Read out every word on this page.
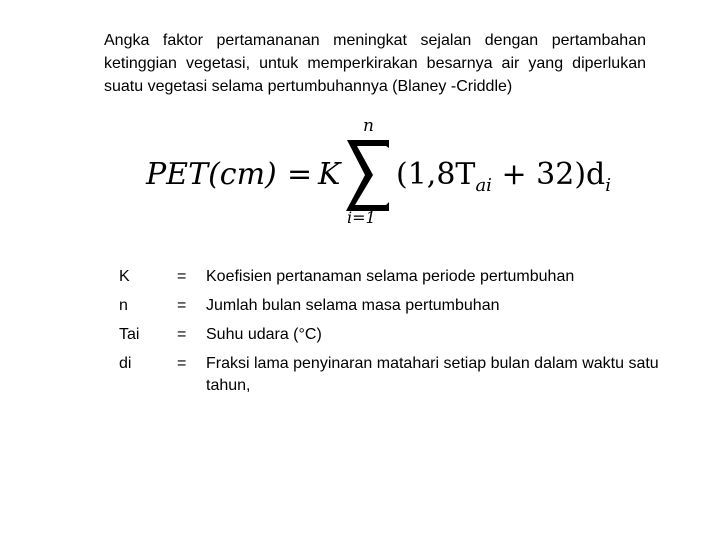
Angka faktor pertamananan meningkat sejalan dengan pertambahan ketinggian vegetasi, untuk memperkirakan besarnya air yang diperlukan suatu vegetasi selama pertumbuhannya (Blaney -Criddle)

PET(cm) = K
n
i=1
$(1,8T_{ai} + 32)d_i$
K	= Koefisien pertanaman selama periode pertumbuhan
n	= Jumlah bulan selama masa pertumbuhan
Tai = Suhu udara (°C)
di	= Fraksi lama penyinaran matahari setiap bulan dalam waktu satu tahun,
